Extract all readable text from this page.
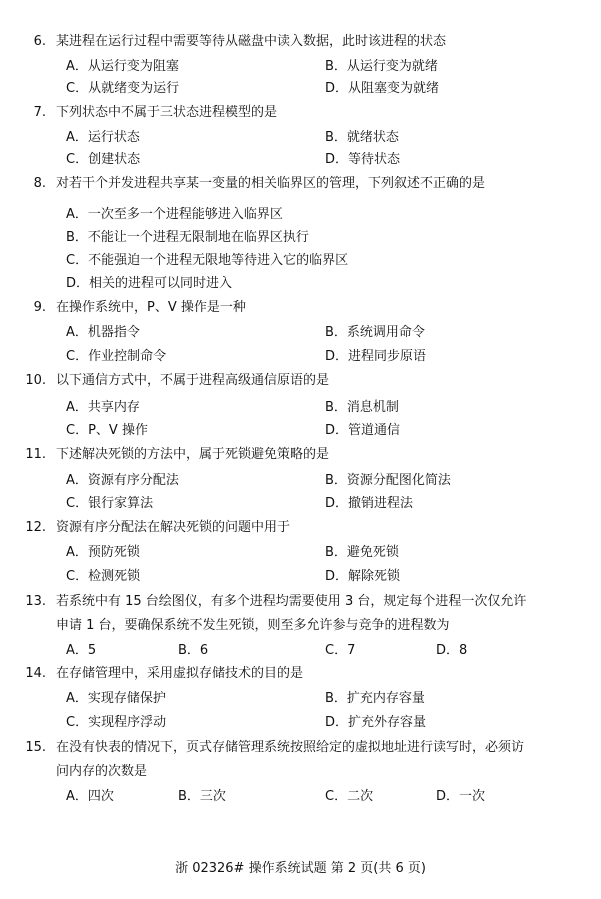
6. 某进程在运行过程中需要等待从磁盘中读入数据，此时该进程的状态
A．从运行变为阻塞	B．从运行变为就绪
C．从就绪变为运行	D．从阻塞变为就绪
7. 下列状态中不属于三状态进程模型的是
A．运行状态	B．就绪状态
C．创建状态	D．等待状态
8. 对若干个并发进程共享某一变量的相关临界区的管理，下列叙述不正确的是
A．一次至多一个进程能够进入临界区
B．不能让一个进程无限制地在临界区执行
C．不能强迫一个进程无限地等待进入它的临界区
D．相关的进程可以同时进入
9. 在操作系统中，P、V 操作是一种
A．机器指令	B．系统调用命令
C．作业控制命令	D．进程同步原语
10. 以下通信方式中，不属于进程高级通信原语的是
A．共享内存	B．消息机制
C．P、V 操作	D．管道通信
11. 下述解决死锁的方法中，属于死锁避免策略的是
A．资源有序分配法	B．资源分配图化简法
C．银行家算法	D．撤销进程法
12. 资源有序分配法在解决死锁的问题中用于
A．预防死锁	B．避免死锁
C．检测死锁	D．解除死锁
13. 若系统中有 15 台绘图仪，有多个进程均需要使用 3 台，规定每个进程一次仅允许
申请 1 台，要确保系统不发生死锁，则至多允许参与竞争的进程数为
A．5	B．6	C．7	D．8
14. 在存储管理中，采用虚拟存储技术的目的是
A．实现存储保护	B．扩充内存容量
C．实现程序浮动	D．扩充外存容量
15. 在没有快表的情况下，页式存储管理系统按照给定的虚拟地址进行读写时，必须访
问内存的次数是
A．四次	B．三次	C．二次	D．一次
浙 02326# 操作系统试题 第 2 页(共 6 页)
